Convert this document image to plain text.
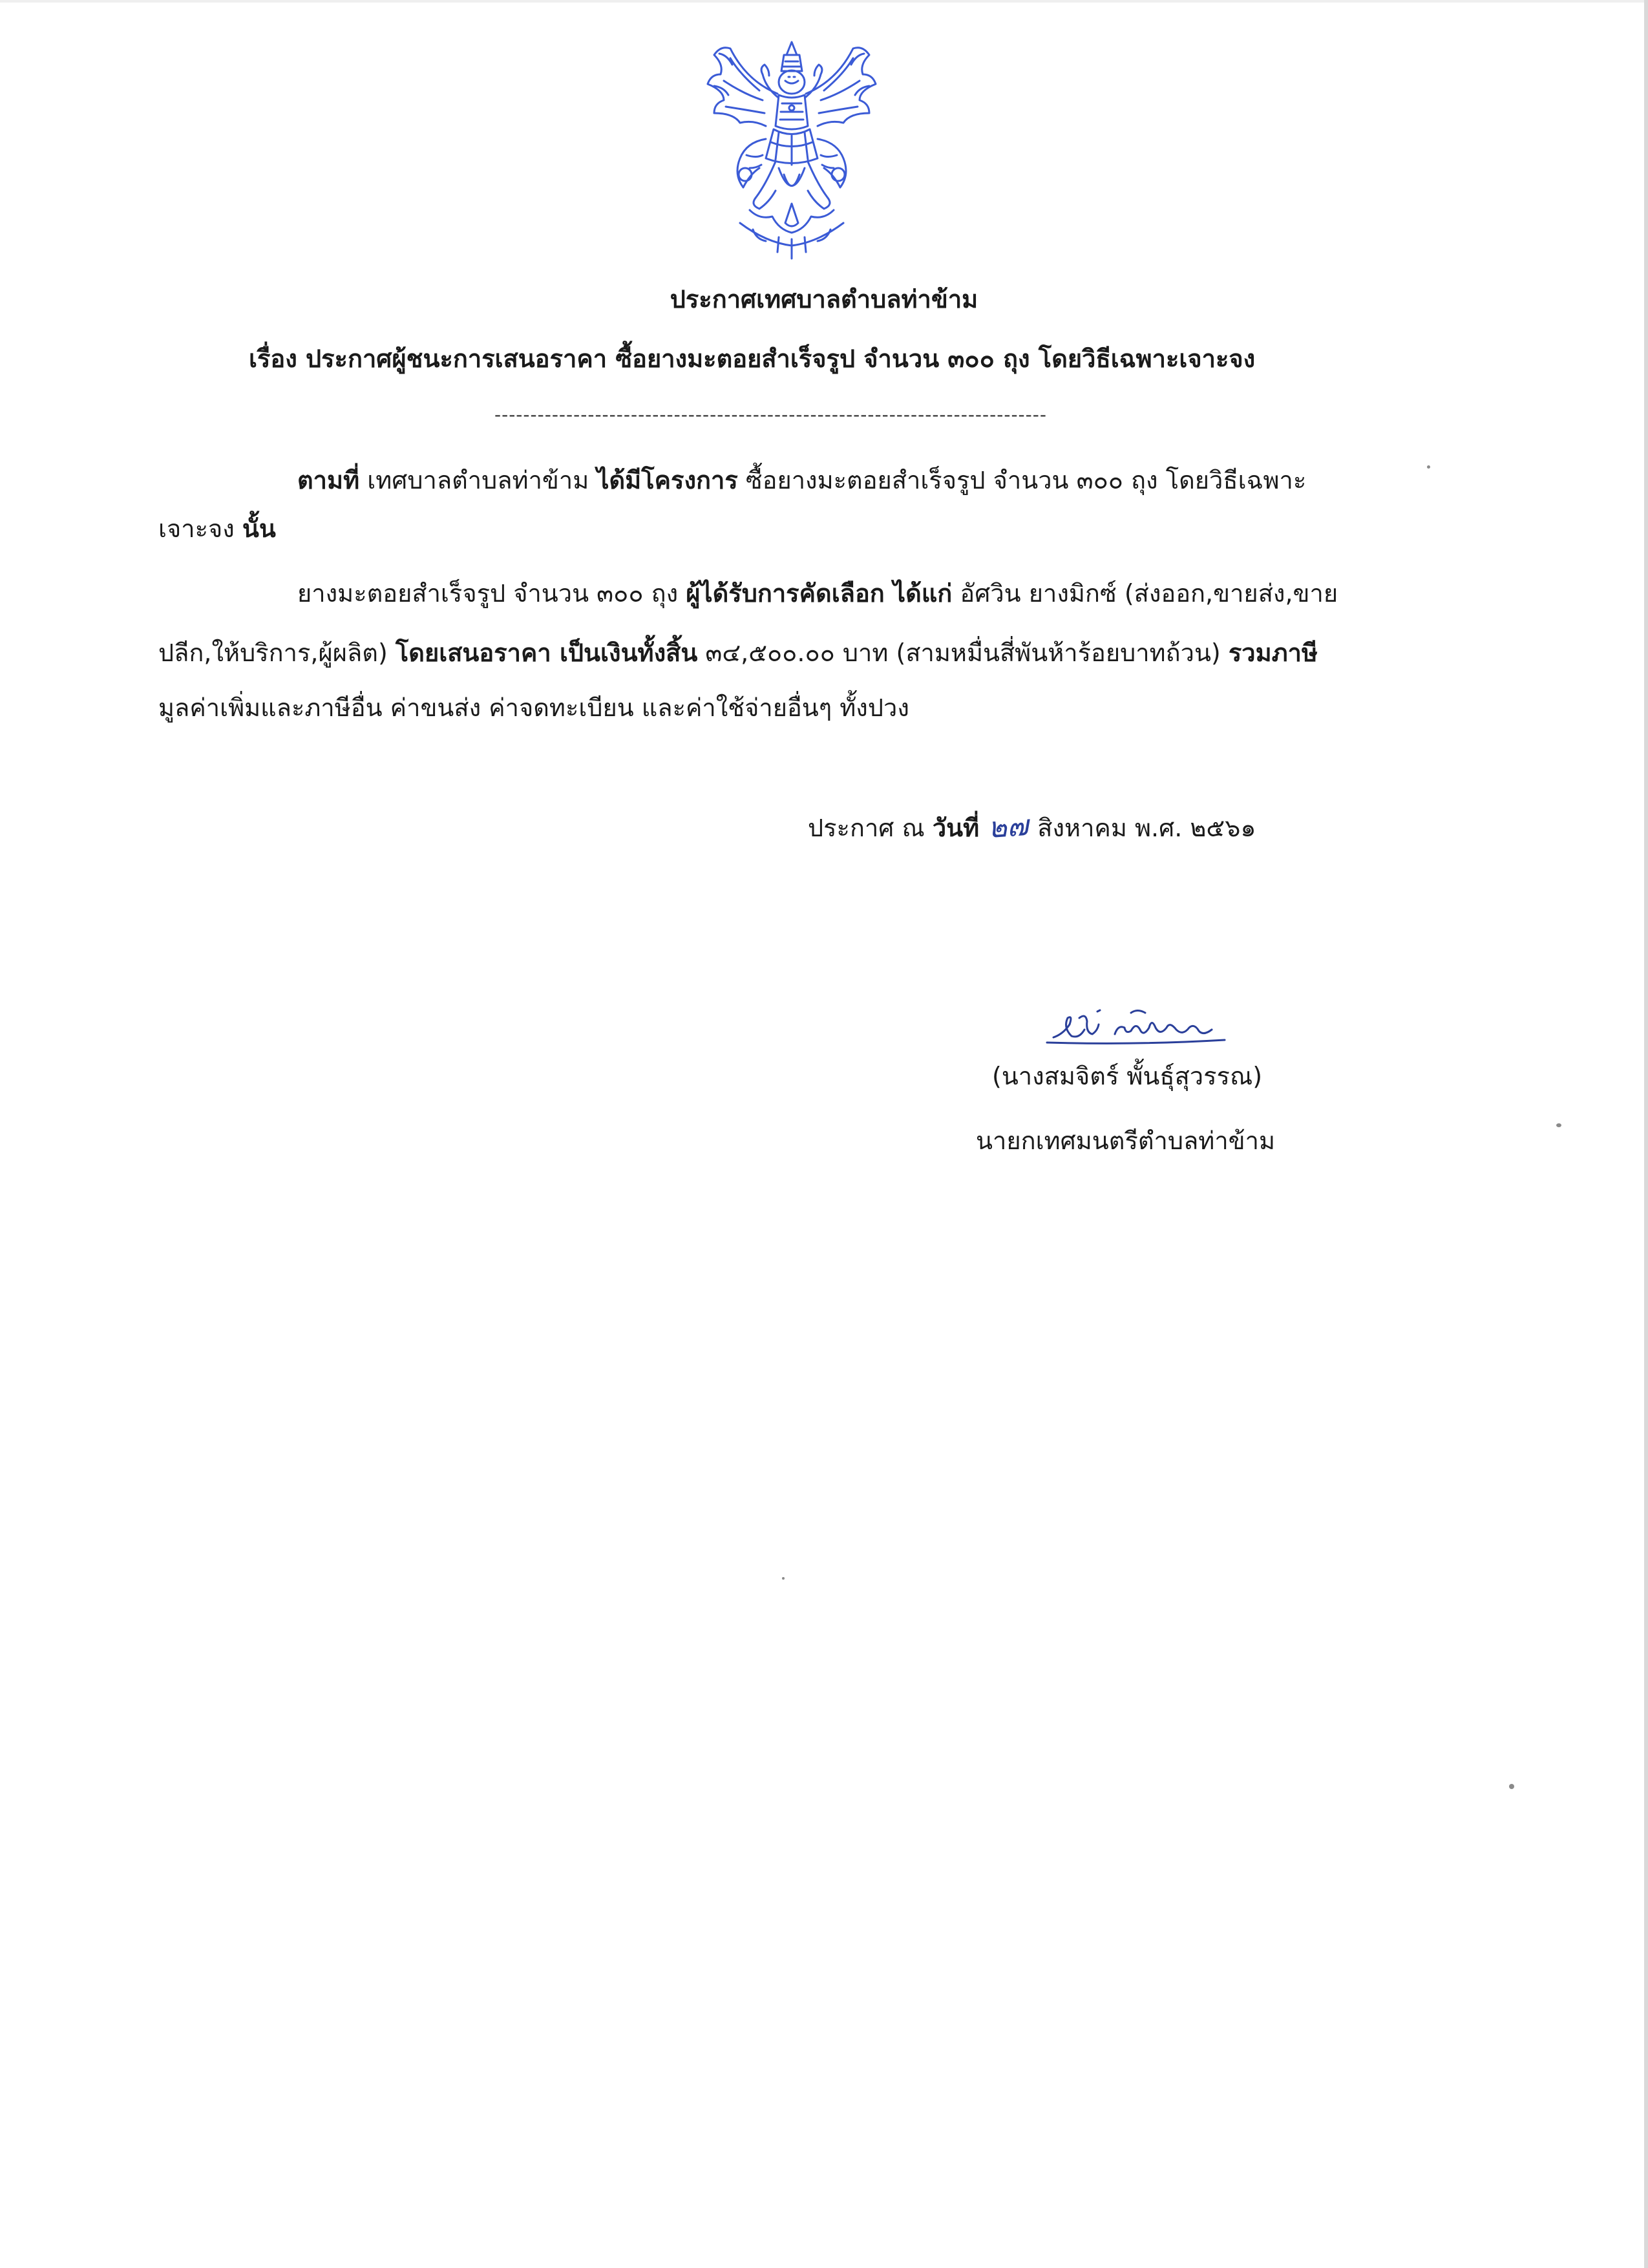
ประกาศเทศบาลตำบลท่าข้าม
เรื่อง ประกาศผู้ชนะการเสนอราคา ซื้อยางมะตอยสำเร็จรูป จำนวน ๓๐๐ ถุง โดยวิธีเฉพาะเจาะจง
-----------------------------------------------------------------------------
ตามที่ เทศบาลตำบลท่าข้าม ได้มีโครงการ ซื้อยางมะตอยสำเร็จรูป จำนวน ๓๐๐ ถุง โดยวิธีเฉพาะ
เจาะจง นั้น
ยางมะตอยสำเร็จรูป จำนวน ๓๐๐ ถุง ผู้ได้รับการคัดเลือก ได้แก่ อัศวิน ยางมิกซ์ (ส่งออก,ขายส่ง,ขาย
ปลีก,ให้บริการ,ผู้ผลิต) โดยเสนอราคา เป็นเงินทั้งสิ้น ๓๔,๕๐๐.๐๐ บาท (สามหมื่นสี่พันห้าร้อยบาทถ้วน) รวมภาษี
มูลค่าเพิ่มและภาษีอื่น ค่าขนส่ง ค่าจดทะเบียน และค่าใช้จ่ายอื่นๆ ทั้งปวง
ประกาศ ณ วันที่ ๒๗ สิงหาคม พ.ศ. ๒๕๖๑
(นางสมจิตร์ พั้นธุ์สุวรรณ)
นายกเทศมนตรีตำบลท่าข้าม
